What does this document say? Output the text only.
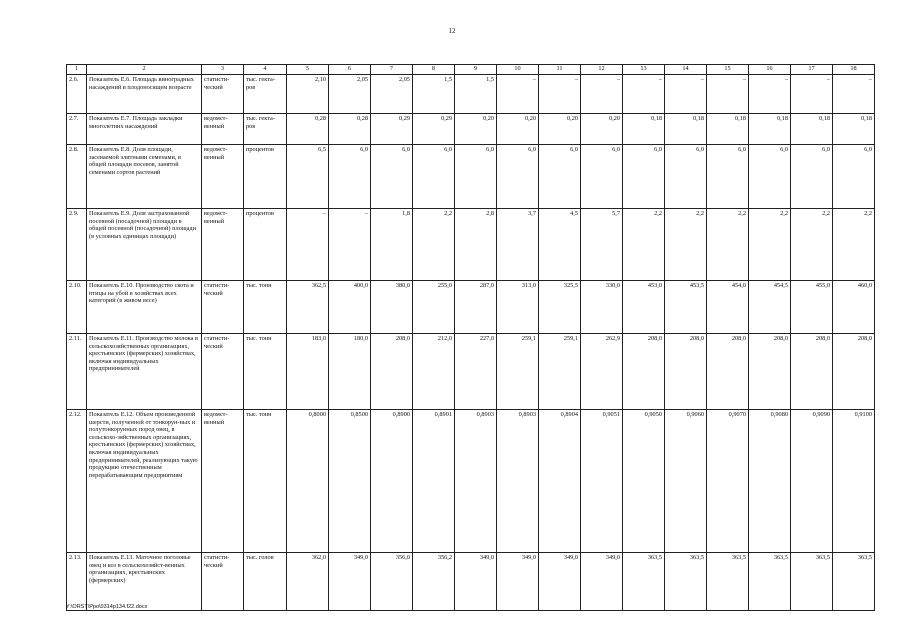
12
1	2	3	4	5	6	7	8	9	10	11	12	13	14	15	16	17	18
2.6.	Показатель Е.6. Площадь виноградных насаждений в плодоносящем возрасте	статисти-ческий	тыс. гекта-ров	2,10	2,05	2,05	1,5	1,5	–	–	–	–	–	–	–	–	–
2.7.	Показатель Е.7. Площадь закладки многолетних насаждений	ведомст-венный	тыс. гекта-ров	0,28	0,28	0,29	0,29	0,20	0,20	0,20	0,20	0,18	0,18	0,18	0,18	0,18	0,18
2.8.	Показатель Е.8. Доля площади, засеваемой элитными семенами, в общей площади посевов, занятой семенами сортов растений	ведомст-венный	процентов	6,5	6,0	6,0	6,0	6,0	6,0	6,0	6,0	6,0	6,0	6,0	6,0	6,0	6,0
2.9.	Показатель Е.9. Доля застрахованной посевной (посадочной) площади в общей посевной (посадочной) площади (в условных единицах площади)	ведомст-венный	процентов	–	–	1,8	2,2	2,8	3,7	4,5	5,7	2,2	2,2	2,2	2,2	2,2	2,2
2.10.	Показатель Е.10. Производство скота и птицы на убой в хозяйствах всех категорий (в живом весе)	статисти-ческий	тыс. тонн	362,5	400,0	380,0	255,0	287,0	313,0	325,5	330,0	453,0	453,5	454,0	454,5	455,0	460,0
2.11.	Показатель Е.11. Производство молока в сельскохозяйственных организациях, крестьянских (фермерских) хозяйствах, включая индивидуальных предпринимателей	статисти-ческий	тыс. тонн	183,0	180,0	208,0	212,0	227,0	259,1	259,1	262,9	208,0	208,0	208,0	208,0	208,0	208,0
2.12.	Показатель Е.12. Объем произведенной шерсти, полученной от тонкорун-ных и полутонкорунных пород овец, в сельскохо-зяйственных организациях, крестьянских (фермерских) хозяйствах, включая индивидуальных предпринимателей, реализующих такую продукцию отечественным перерабатывающим предприятиям	ведомст-венный	тыс. тонн	0,8000	0,8500	0,8900	0,8901	0,8903	0,8903	0,8904	0,9051	0,9050	0,9060	0,9070	0,9080	0,9090	0,9100
2.13.	Показатель Е.13. Маточное поголовье овец и коз в сельскохозяйст-венных организациях, крестьянских (фермерских)	статисти-ческий	тыс. голов	362,0	349,0	356,0	356,2	349,0	349,0	349,0	349,0	363,5	363,5	363,5	363,5	363,5	363,5
Y:\ORST\Ppo\0314p134.f22.docx
